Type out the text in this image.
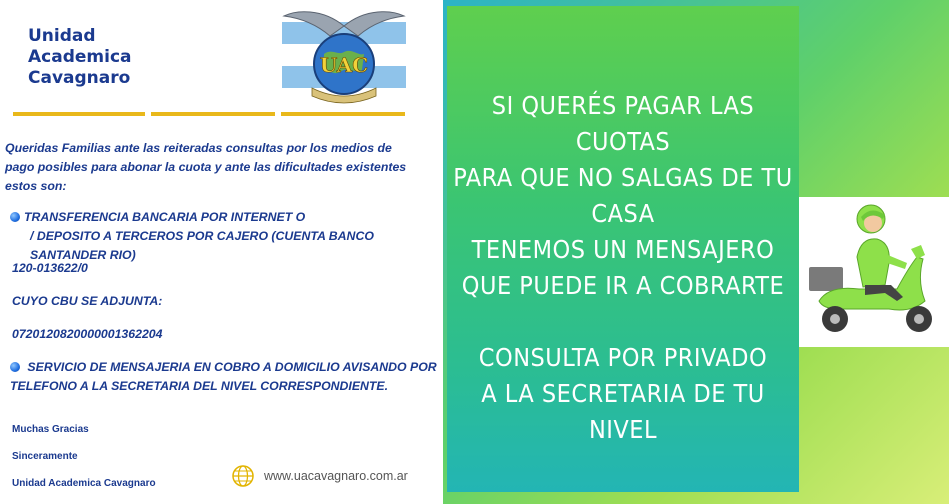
Unidad
Academica
Cavagnaro
UAC
Queridas Familias ante las reiteradas consultas por los medios de
pago posibles para abonar la cuota y ante las dificultades existentes
estos son:
TRANSFERENCIA BANCARIA POR INTERNET O
/ DEPOSITO A TERCEROS POR CAJERO (CUENTA BANCO SANTANDER RIO)
120-013622/0
CUYO CBU SE ADJUNTA:
0720120820000001362204
SERVICIO DE MENSAJERIA EN COBRO A DOMICILIO AVISANDO POR
TELEFONO A LA SECRETARIA DEL NIVEL CORRESPONDIENTE.
Muchas Gracias
Sinceramente
Unidad Academica Cavagnaro
www.uacavagnaro.com.ar
SI QUERÉS PAGAR LAS
CUOTAS
PARA QUE NO SALGAS DE TU
CASA
TENEMOS UN MENSAJERO
QUE PUEDE IR A COBRARTE
CONSULTA POR PRIVADO
A LA SECRETARIA DE TU NIVEL
